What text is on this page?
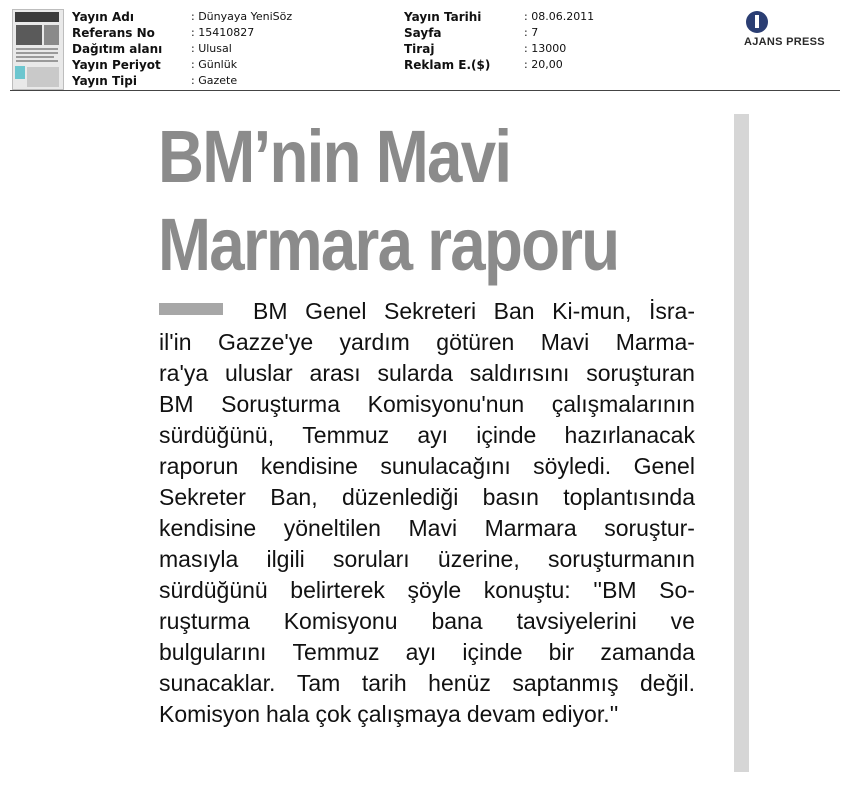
Yayın Adı	: Dünyaya YeniSöz
Referans No	: 15410827
Dağıtım alanı	: Ulusal
Yayın Periyot	: Günlük
Yayın Tipi	: Gazete
Yayın Tarihi	: 08.06.2011
Sayfa	: 7
Tiraj	: 13000
Reklam E.($)	: 20,00
AJANS PRESS
BM’nin Mavi
Marmara raporu
BM Genel Sekreteri Ban Ki-mun, İsra-
il'in Gazze'ye yardım götüren Mavi Marma-
ra'ya uluslar arası sularda saldırısını soruşturan
BM Soruşturma Komisyonu'nun çalışmalarının
sürdüğünü, Temmuz ayı içinde hazırlanacak
raporun kendisine sunulacağını söyledi. Genel
Sekreter Ban, düzenlediği basın toplantısında
kendisine yöneltilen Mavi Marmara soruştur-
masıyla ilgili soruları üzerine, soruşturmanın
sürdüğünü belirterek şöyle konuştu: ''BM So-
ruşturma Komisyonu bana tavsiyelerini ve
bulgularını Temmuz ayı içinde bir zamanda
sunacaklar. Tam tarih henüz saptanmış değil.
Komisyon hala çok çalışmaya devam ediyor.''
